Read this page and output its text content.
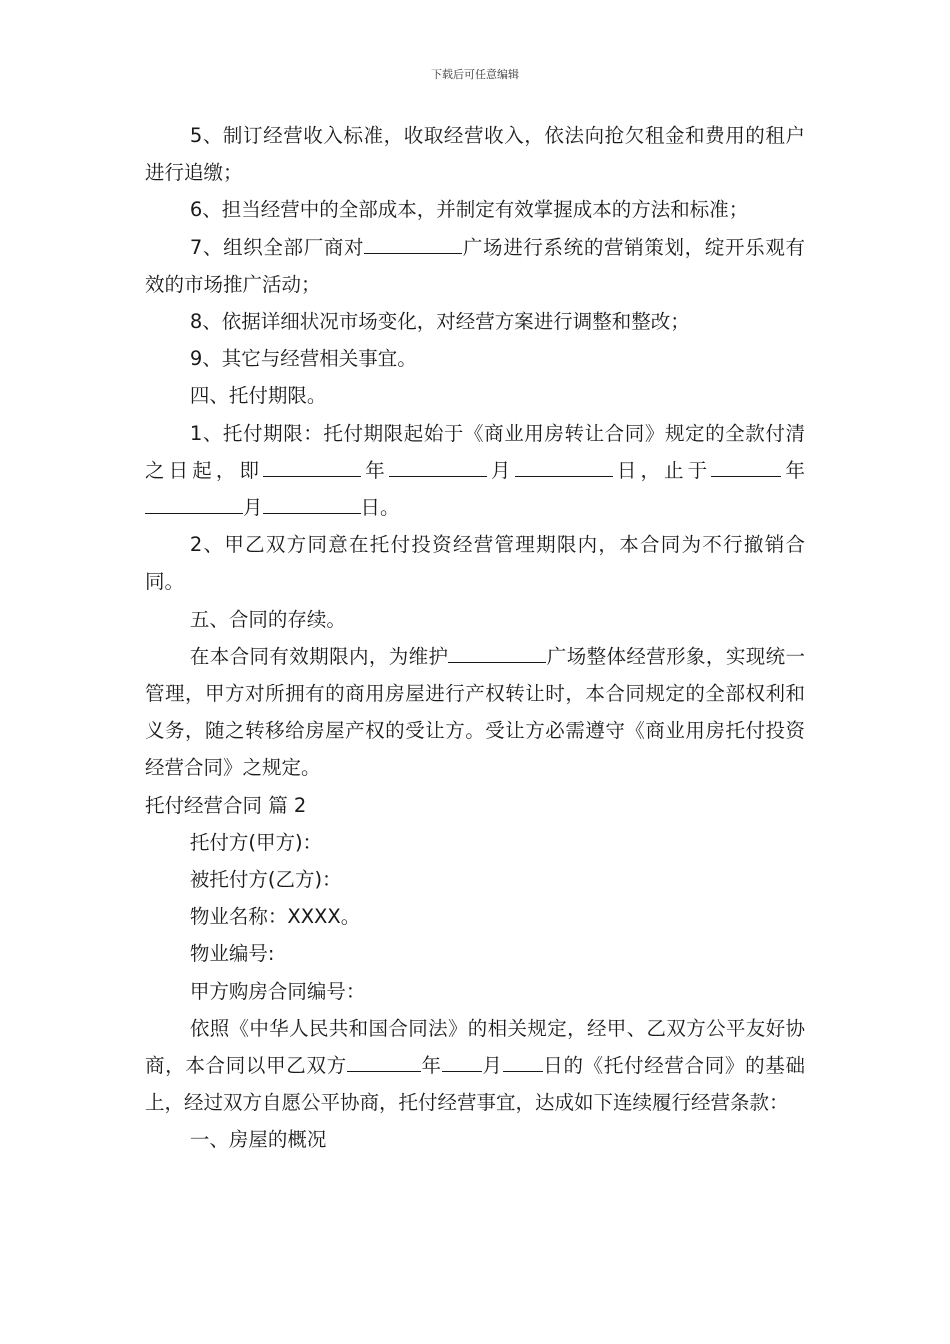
下载后可任意编辑

5、制订经营收入标准，收取经营收入，依法向抢欠租金和费用的租户进行追缴；

6、担当经营中的全部成本，并制定有效掌握成本的方法和标准；

7、组织全部厂商对	广场进行系统的营销策划，绽开乐观有效的市场推广活动；

8、依据详细状况市场变化，对经营方案进行调整和整改；

9、其它与经营相关事宜。

四、托付期限。

1、托付期限：托付期限起始于《商业用房转让合同》规定的全款付清之日起，即	年	月	日，止于	年月	日。

2、甲乙双方同意在托付投资经营管理期限内，本合同为不行撤销合同。

五、合同的存续。

在本合同有效期限内，为维护	广场整体经营形象，实现统一管理，甲方对所拥有的商用房屋进行产权转让时，本合同规定的全部权利和义务，随之转移给房屋产权的受让方。受让方必需遵守《商业用房托付投资经营合同》之规定。

托付经营合同 篇 2

托付方(甲方)：

被托付方(乙方)：

物业名称：XXXX。

物业编号:

甲方购房合同编号：

依照《中华人民共和国合同法》的相关规定，经甲、乙双方公平友好协商，本合同以甲乙双方	年 月 日的《托付经营合同》的基础上，经过双方自愿公平协商，托付经营事宜，达成如下连续履行经营条款：

一、房屋的概况
